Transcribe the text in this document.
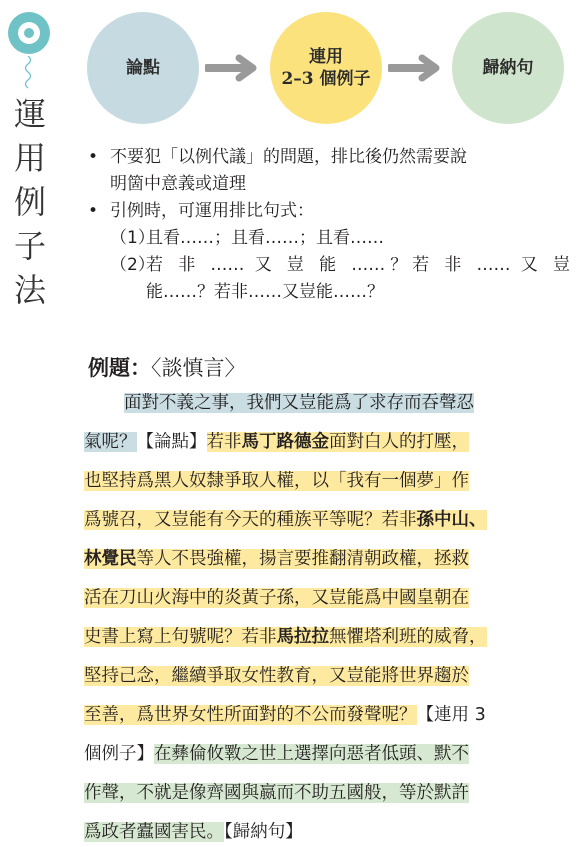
運
用
例
子
法
論點
連用
2–3 個例子
歸納句
• 不要犯「以例代議」的問題，排比後仍然需要說
明箇中意義或道理
• 引例時，可運用排比句式：
（1）
且看……；且看……；且看……
（2）
若 非 …… 又 豈 能 ……？若 非 …… 又 豈
能……？若非……又豈能……？
例題：〈談慎言〉
面對不義之事，我們又豈能爲了求存而吞聲忍
氣呢？【論點】若非馬丁路德金面對白人的打壓，
也堅持爲黑人奴隸爭取人權，以「我有一個夢」作
爲號召，又豈能有今天的種族平等呢？若非孫中山、
林覺民等人不畏強權，揚言要推翻清朝政權，拯救
活在刀山火海中的炎黃子孫，又豈能爲中國皇朝在
史書上寫上句號呢？若非馬拉拉無懼塔利班的威脅，
堅持己念，繼續爭取女性教育，又豈能將世界趨於
至善，爲世界女性所面對的不公而發聲呢？【連用 3
個例子】在彝倫攸斁之世上選擇向惡者低頭、默不
作聲，不就是像齊國與嬴而不助五國般，等於默許
爲政者蠹國害民。【歸納句】
